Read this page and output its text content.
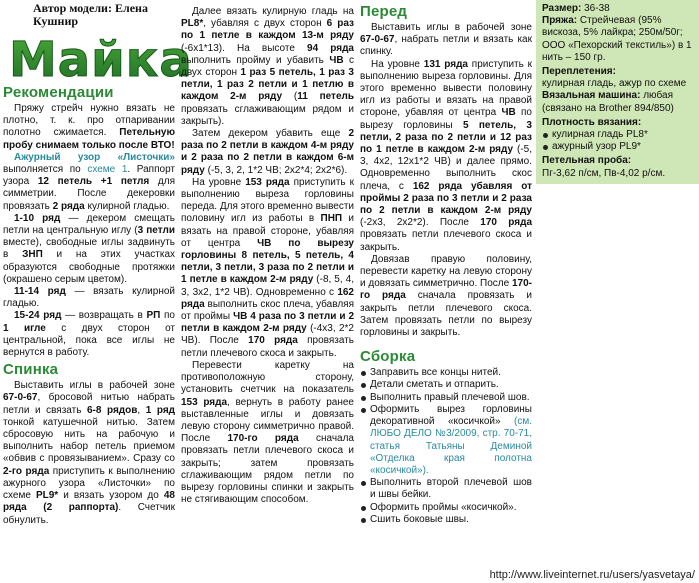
Автор модели: Елена Кушнир
Майка
Рекомендации

Пряжу стрейч нужно вязать не плотно, т. к. про отпаривании полотно сжимается. Петельную пробу снимаем только после ВТО!

Ажурный узор «Листочки» выполняется по схеме 1. Раппорт узора 12 петель +1 петля для симметрии. После декеровки провязать 2 ряда кулирной гладью.

1-10 ряд — декером смещать петли на центральную иглу (3 петли вместе), свободные иглы задвинуть в ЗНП и на этих участках образуются свободные протяжки (окрашено серым цветом).

11-14 ряд — вязать кулирной гладью.

15-24 ряд — возвращать в РП по 1 игле с двух сторон от центральной, пока все иглы не вернутся в работу.

Спинка

Выставить иглы в рабочей зоне 67-0-67, бросовой нитью набрать петли и связать 6-8 рядов, 1 ряд тонкой катушечной нитью. Затем сбросовую нить на рабочую и выполнить набор петель приемом «обвив с провязыванием». Сразу со 2-го ряда приступить к выполнению ажурного узора «Листочки» по схеме PL9* и вязать узором до 48 ряда (2 раппорта). Счетчик обнулить.

Далее вязать кулирную гладь на PL8*, убавляя с двух сторон 6 раз по 1 петле в каждом 13-м ряду (-6х1*13). На высоте 94 ряда выполнить пройму и убавить ЧВ с двух сторон 1 раз 5 петель, 1 раз 3 петли, 1 раз 2 петли и 1 петлю в каждом 2-м ряду (11 петель провязать сглаживающим рядом и закрыть).

Затем декером убавить еще 2 раза по 2 петли в каждом 4-м ряду и 2 раза по 2 петли в каждом 6-м ряду (-5, 3, 2, 1*2 ЧВ; 2х2*4; 2х2*6).

На уровне 153 ряда приступить к выполнению выреза горловины переда. Для этого временно вывести половину игл из работы в ПНП и вязать на правой стороне, убавляя от центра ЧВ по вырезу горловины 8 петель, 5 петель, 4 петли, 3 петли, 3 раза по 2 петли и 1 петле в каждом 2-м ряду (-8, 5, 4, 3, 3х2, 1*2 ЧВ). Одновременно с 162 ряда выполнить скос плеча, убавляя от проймы ЧВ 4 раза по 3 петли и 2 петли в каждом 2-м ряду (-4х3, 2*2 ЧВ). После 170 ряда провязать петли плечевого скоса и закрыть.

Перевести каретку на противоположную сторону, установить счетчик на показатель 153 ряда, вернуть в работу ранее выставленные иглы и довязать левую сторону симметрично правой. После 170-го ряда сначала провязать петли плечевого скоса и закрыть; затем провязать сглаживающим рядом петли по вырезу горловины спинки и закрыть не стягивающим способом.

Перед

Выставить иглы в рабочей зоне 67-0-67, набрать петли и вязать как спинку.

На уровне 131 ряда приступить к выполнению выреза горловины. Для этого временно вывести половину игл из работы и вязать на правой стороне, убавляя от центра ЧВ по вырезу горловины 5 петель, 3 петли, 2 раза по 2 петли и 12 раз по 1 петле в каждом 2-м ряду (-5, 3, 4х2, 12х1*2 ЧВ) и далее прямо. Одновременно выполнить скос плеча, с 162 ряда убавляя от проймы 2 раза по 3 петли и 2 раза по 2 петли в каждом 2-м ряду (-2х3, 2х2*2). После 170 ряда провязать петли плечевого скоса и закрыть.

Довязав правую половину, перевести каретку на левую сторону и довязать симметрично. После 170-го ряда сначала провязать и закрыть петли плечевого скоса. Затем провязать петли по вырезу горловины и закрыть.

Сборка
Заправить все концы нитей.
Детали сметать и отпарить.
Выполнить правый плечевой шов.
Оформить вырез горловины декоративной «косичкой» (см. ЛЮБО ДЕЛО №3/2009, стр. 70-71, статья Татьяны Деминой «Отделка края полотна «косичкой»).
Выполнить второй плечевой шов и швы бейки.
Оформить проймы «косичкой».
Сшить боковые швы.

Размер: 36-38

Пряжа: Стрейчевая (95% вискоза, 5% лайкра; 250м/50г; ООО «Пехорский текстиль») в 1 нить – 150 гр.

Переплетения:

кулирная гладь, ажур по схеме

Вязальная машина: любая (связано на Brother 894/850)

Плотность вязания:

кулирная гладь PL8*
ажурный узор PL9*

Петельная проба:

Пг-3,62 п/см, Пв-4,02 р/см.

http://www.liveinternet.ru/users/yasvetaya/
